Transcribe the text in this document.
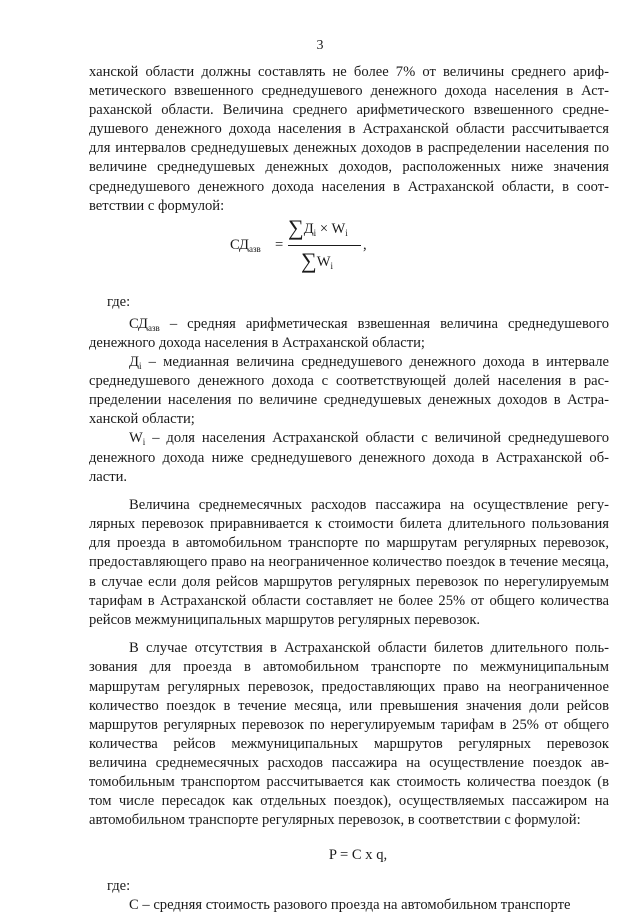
3

ханской области должны составлять не более 7% от величины среднего арифметического взвешенного среднедушевого денежного дохода населения в Астраханской области. Величина среднего арифметического взвешенного среднедушевого денежного дохода населения в Астраханской области рассчитывается для интервалов среднедушевых денежных доходов в распределении населения по величине среднедушевых денежных доходов, расположенных ниже значения среднедушевого денежного дохода населения в Астраханской области, в соответствии с формулой:

$СД_{азв}$ =
$\sum Д_i \times W_i$
$\sum W_i$
,

где:

$СД_{азв}$ – средняя арифметическая взвешенная величина среднедушевого денежного дохода населения в Астраханской области;

$Д_i$ – медианная величина среднедушевого денежного дохода в интервале среднедушевого денежного дохода с соответствующей долей населения в распределении населения по величине среднедушевых денежных доходов в Астраханской области;

$W_i$ – доля населения Астраханской области с величиной среднедушевого денежного дохода ниже среднедушевого денежного дохода в Астраханской области.

Величина среднемесячных расходов пассажира на осуществление регулярных перевозок приравнивается к стоимости билета длительного пользования для проезда в автомобильном транспорте по маршрутам регулярных перевозок, предоставляющего право на неограниченное количество поездок в течение месяца, в случае если доля рейсов маршрутов регулярных перевозок по нерегулируемым тарифам в Астраханской области составляет не более 25% от общего количества рейсов межмуниципальных маршрутов регулярных перевозок.

В случае отсутствия в Астраханской области билетов длительного пользования для проезда в автомобильном транспорте по межмуниципальным маршрутам регулярных перевозок, предоставляющих право на неограниченное количество поездок в течение месяца, или превышения значения доли рейсов маршрутов регулярных перевозок по нерегулируемым тарифам в 25% от общего количества рейсов межмуниципальных маршрутов регулярных перевозок величина среднемесячных расходов пассажира на осуществление поездок автомобильным транспортом рассчитывается как стоимость количества поездок (в том числе пересадок как отдельных поездок), осуществляемых пассажиром на автомобильном транспорте регулярных перевозок, в соответствии с формулой:

P = C x q,

где:

C – средняя стоимость разового проезда на автомобильном транспорте
